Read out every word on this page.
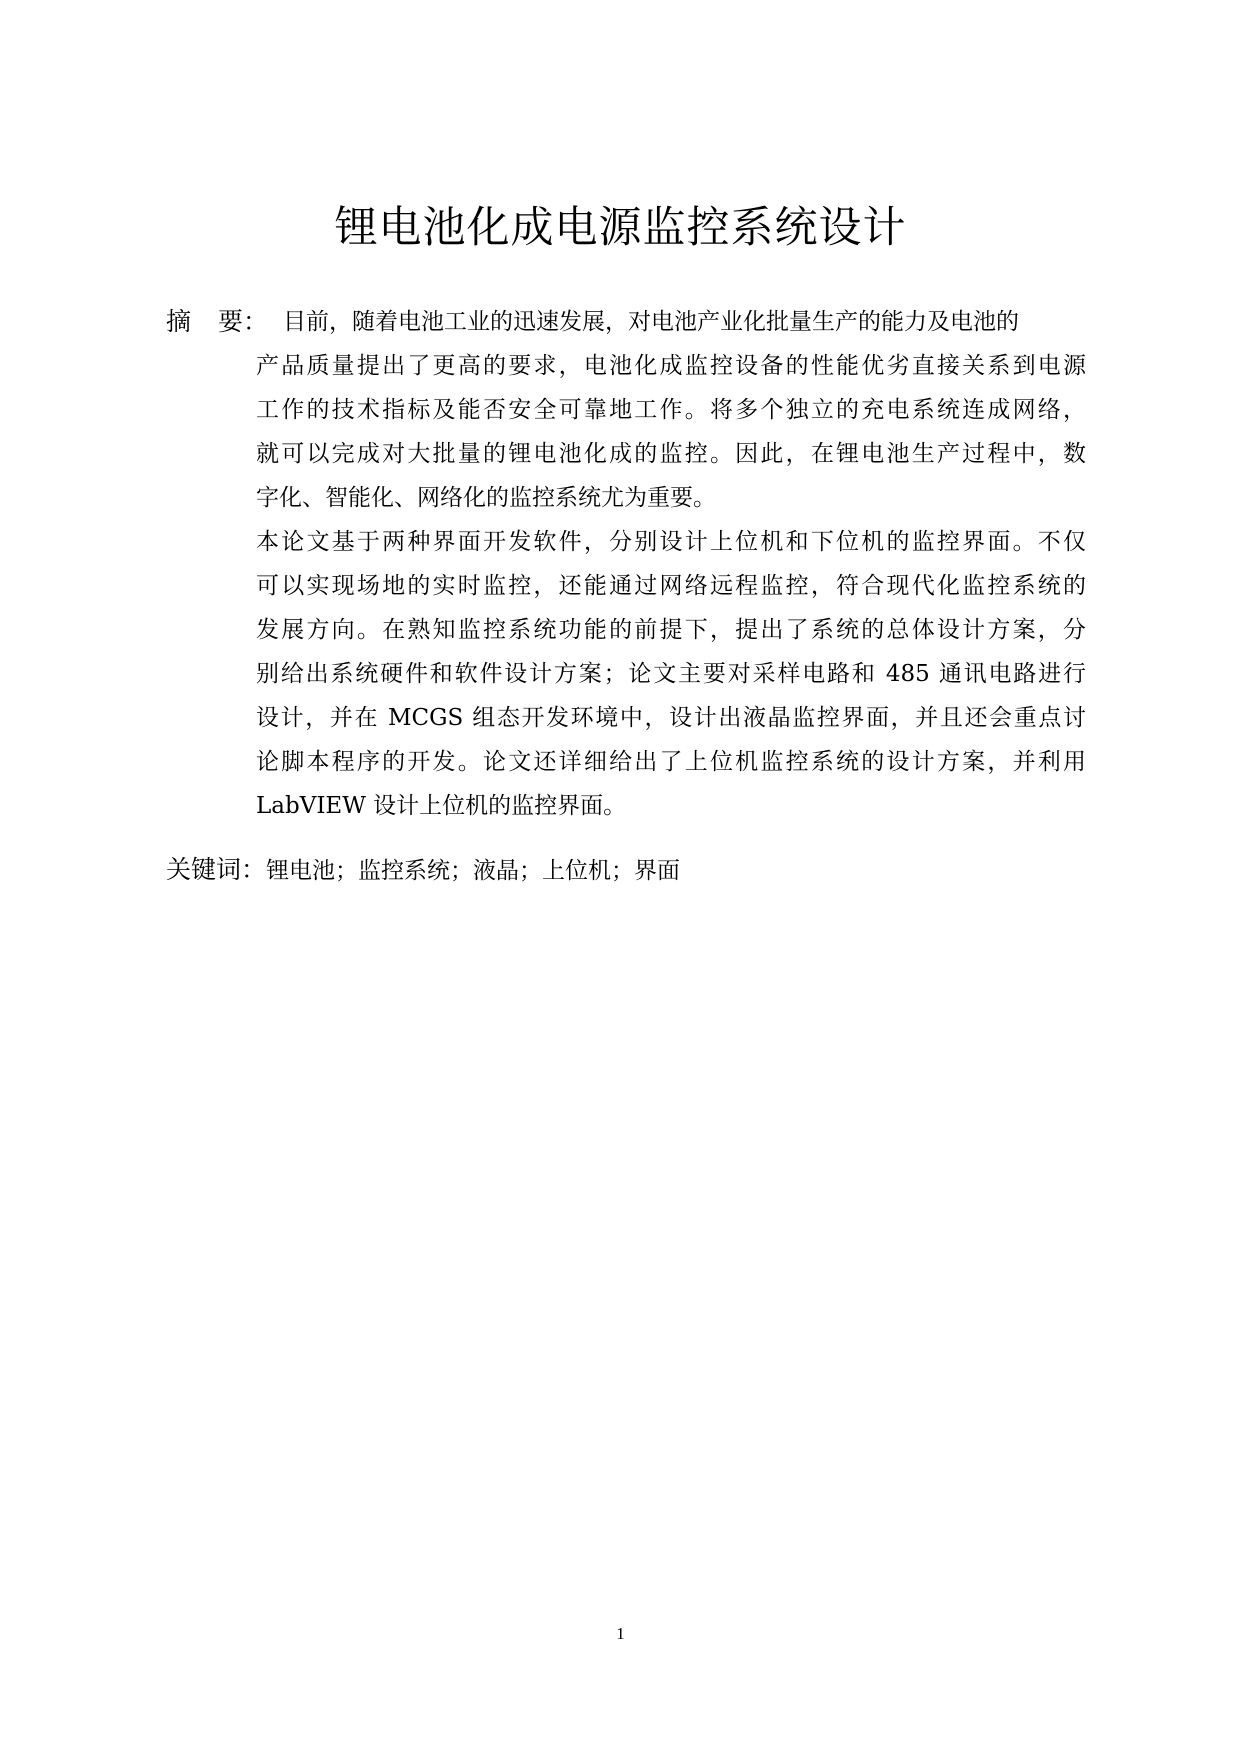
锂电池化成电源监控系统设计
摘 要： 目前，随着电池工业的迅速发展，对电池产业化批量生产的能力及电池的
产品质量提出了更高的要求，电池化成监控设备的性能优劣直接关系到电源
工作的技术指标及能否安全可靠地工作。将多个独立的充电系统连成网络，
就可以完成对大批量的锂电池化成的监控。因此，在锂电池生产过程中，数
字化、智能化、网络化的监控系统尤为重要。
本论文基于两种界面开发软件，分别设计上位机和下位机的监控界面。不仅
可以实现场地的实时监控，还能通过网络远程监控，符合现代化监控系统的
发展方向。在熟知监控系统功能的前提下，提出了系统的总体设计方案，分
别给出系统硬件和软件设计方案；论文主要对采样电路和 485 通讯电路进行
设计，并在 MCGS 组态开发环境中，设计出液晶监控界面，并且还会重点讨
论脚本程序的开发。论文还详细给出了上位机监控系统的设计方案，并利用
LabVIEW 设计上位机的监控界面。
关键词：锂电池；监控系统；液晶；上位机；界面
1
